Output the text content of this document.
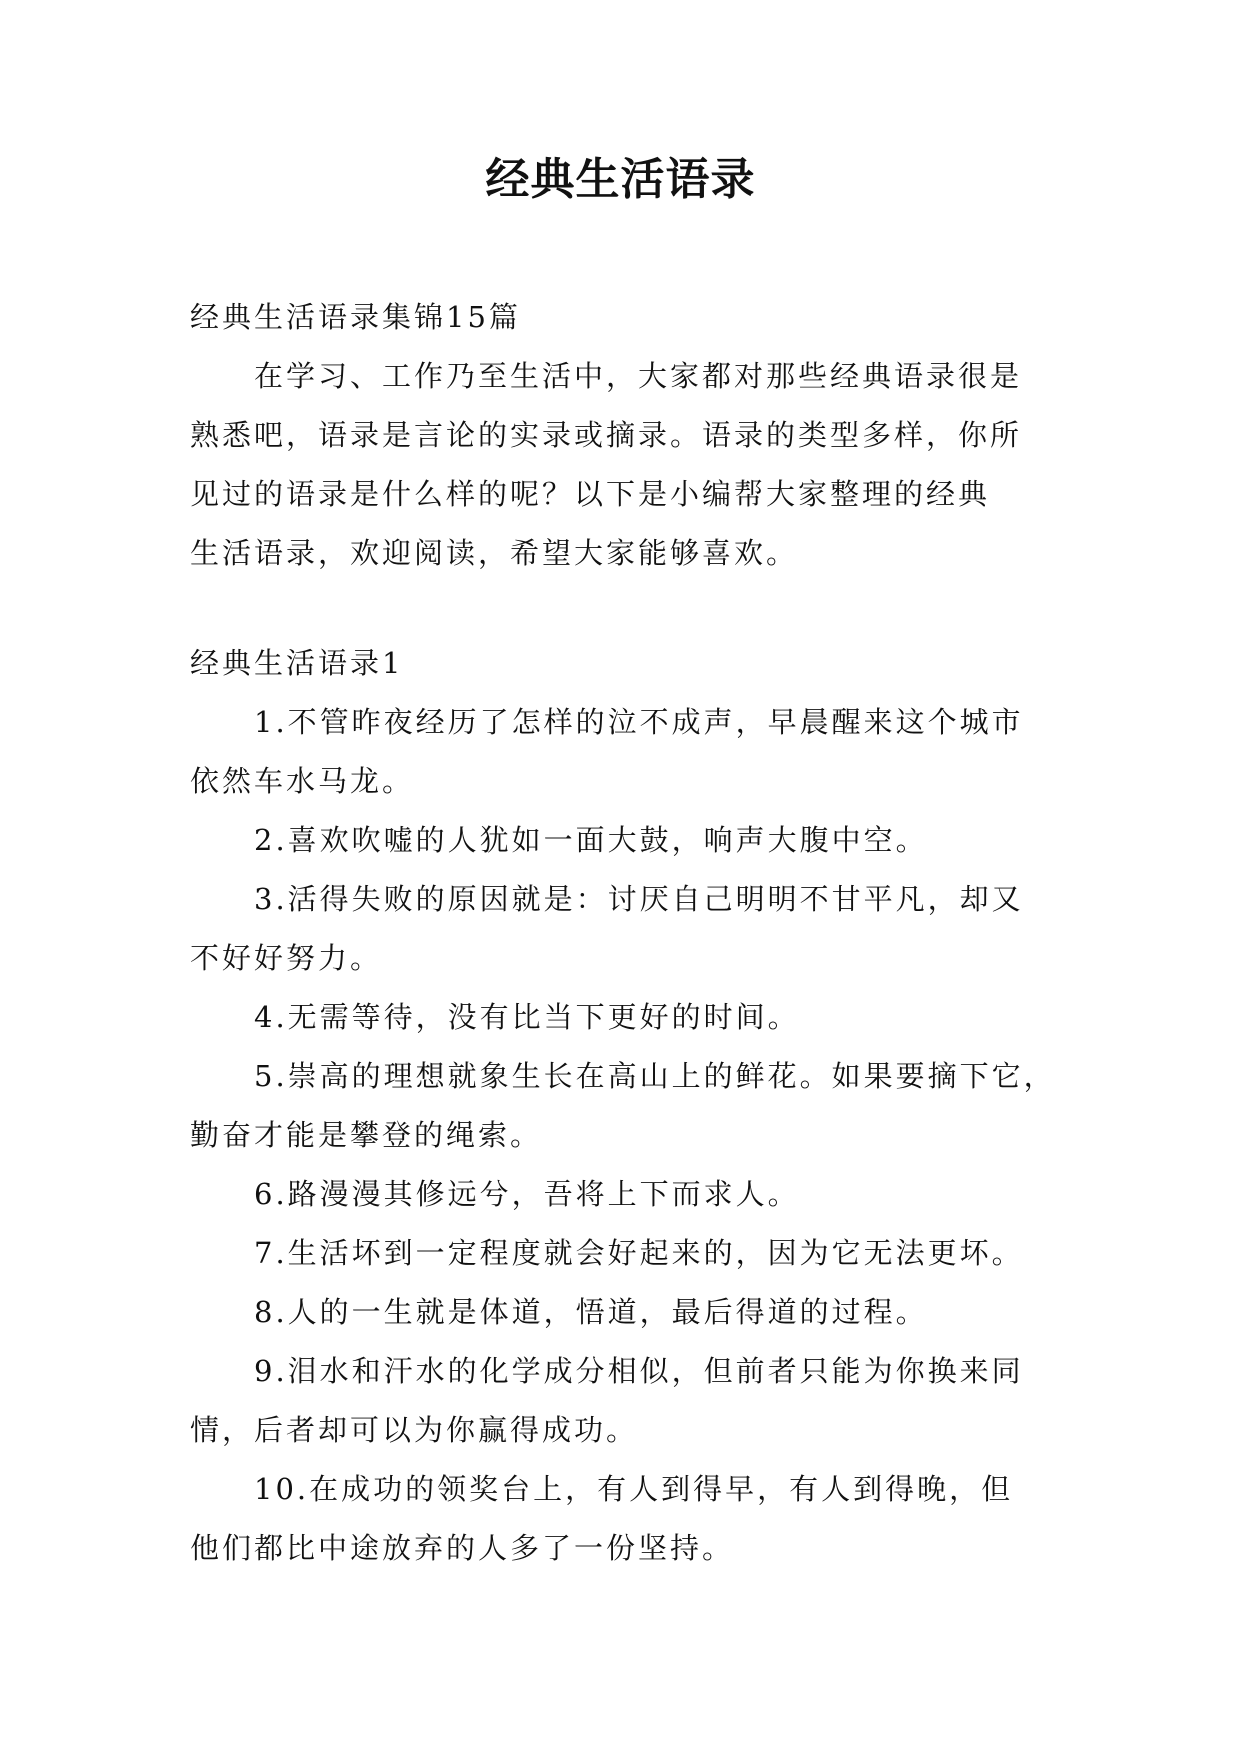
经典生活语录
经典生活语录集锦15篇
在学习、工作乃至生活中，大家都对那些经典语录很是
熟悉吧，语录是言论的实录或摘录。语录的类型多样，你所
见过的语录是什么样的呢？以下是小编帮大家整理的经典
生活语录，欢迎阅读，希望大家能够喜欢。
经典生活语录1
1.不管昨夜经历了怎样的泣不成声，早晨醒来这个城市
依然车水马龙。
2.喜欢吹嘘的人犹如一面大鼓，响声大腹中空。
3.活得失败的原因就是：讨厌自己明明不甘平凡，却又
不好好努力。
4.无需等待，没有比当下更好的时间。
5.崇高的理想就象生长在高山上的鲜花。如果要摘下它，
勤奋才能是攀登的绳索。
6.路漫漫其修远兮，吾将上下而求人。
7.生活坏到一定程度就会好起来的，因为它无法更坏。
8.人的一生就是体道，悟道，最后得道的过程。
9.泪水和汗水的化学成分相似，但前者只能为你换来同
情，后者却可以为你赢得成功。
10.在成功的领奖台上，有人到得早，有人到得晚，但
他们都比中途放弃的人多了一份坚持。
